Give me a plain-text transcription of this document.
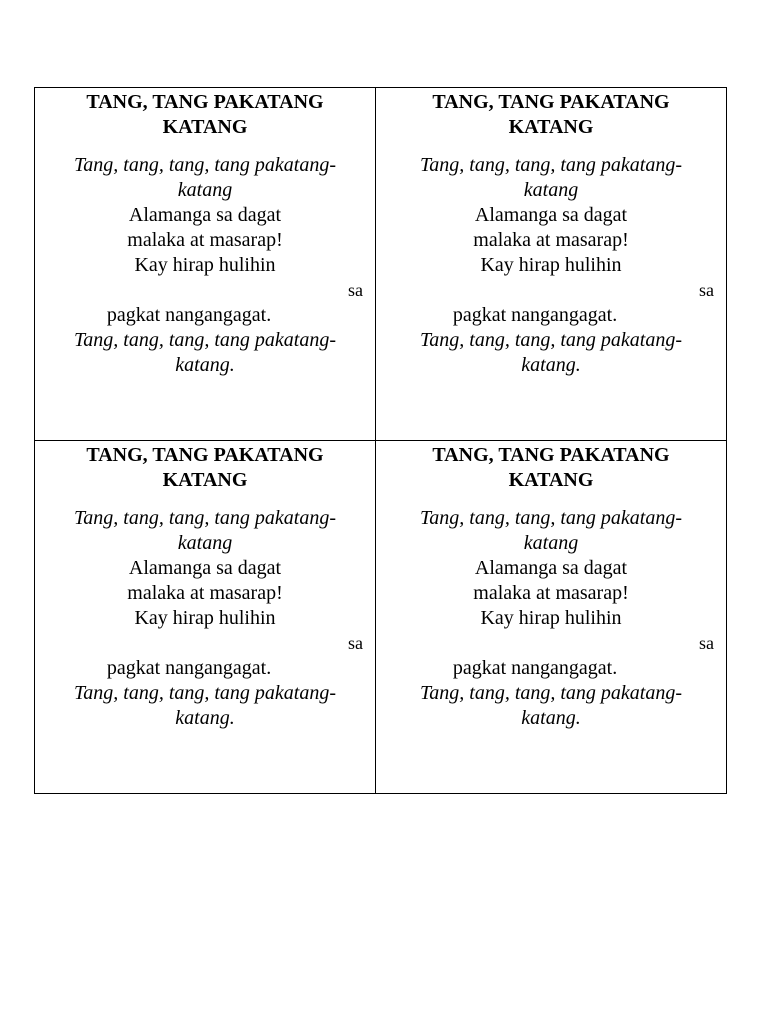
TANG, TANG PAKATANG
KATANG
Tang, tang, tang, tang pakatang-
katang
Alamanga sa dagat
malaka at masarap!
Kay hirap hulihin
sa
pagkat nangangagat.
Tang, tang, tang, tang pakatang-
katang.
TANG, TANG PAKATANG
KATANG
Tang, tang, tang, tang pakatang-
katang
Alamanga sa dagat
malaka at masarap!
Kay hirap hulihin
sa
pagkat nangangagat.
Tang, tang, tang, tang pakatang-
katang.
TANG, TANG PAKATANG
KATANG
Tang, tang, tang, tang pakatang-
katang
Alamanga sa dagat
malaka at masarap!
Kay hirap hulihin
sa
pagkat nangangagat.
Tang, tang, tang, tang pakatang-
katang.
TANG, TANG PAKATANG
KATANG
Tang, tang, tang, tang pakatang-
katang
Alamanga sa dagat
malaka at masarap!
Kay hirap hulihin
sa
pagkat nangangagat.
Tang, tang, tang, tang pakatang-
katang.
